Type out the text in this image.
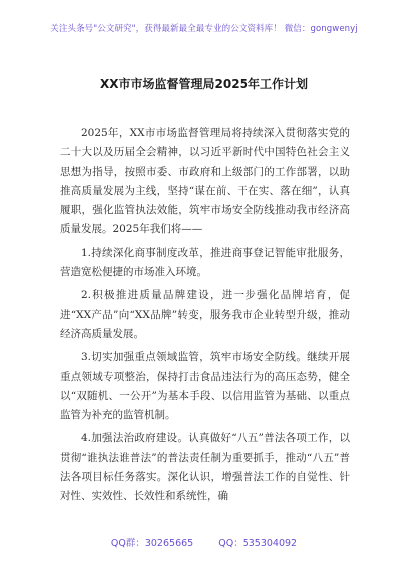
关注头条号"公文研究"，获得最新最全最专业的公文资料库！ 微信：gongwenyj
XX市市场监督管理局2025年工作计划

2025年，XX市市场监督管理局将持续深入贯彻落实党的二十大以及历届全会精神，以习近平新时代中国特色社会主义思想为指导，按照市委、市政府和上级部门的工作部署，以助推高质量发展为主线，坚持“谋在前、干在实、落在细”，认真履职，强化监管执法效能，筑牢市场安全防线推动我市经济高质量发展。2025年我们将——

1.持续深化商事制度改革，推进商事登记智能审批服务，营造宽松便捷的市场准入环境。

2.积极推进质量品牌建设，进一步强化品牌培育，促进“XX产品”向“XX品牌”转变，服务我市企业转型升级，推动经济高质量发展。

3.切实加强重点领域监管，筑牢市场安全防线。继续开展重点领域专项整治，保持打击食品违法行为的高压态势，健全以“双随机、一公开”为基本手段、以信用监管为基础、以重点监管为补充的监管机制。

4.加强法治政府建设。认真做好“八五”普法各项工作，以贯彻“谁执法谁普法”的普法责任制为重要抓手，推动“八五”普法各项目标任务落实。深化认识，增强普法工作的自觉性、针对性、实效性、长效性和系统性，确

QQ群：30265665	QQ：535304092
